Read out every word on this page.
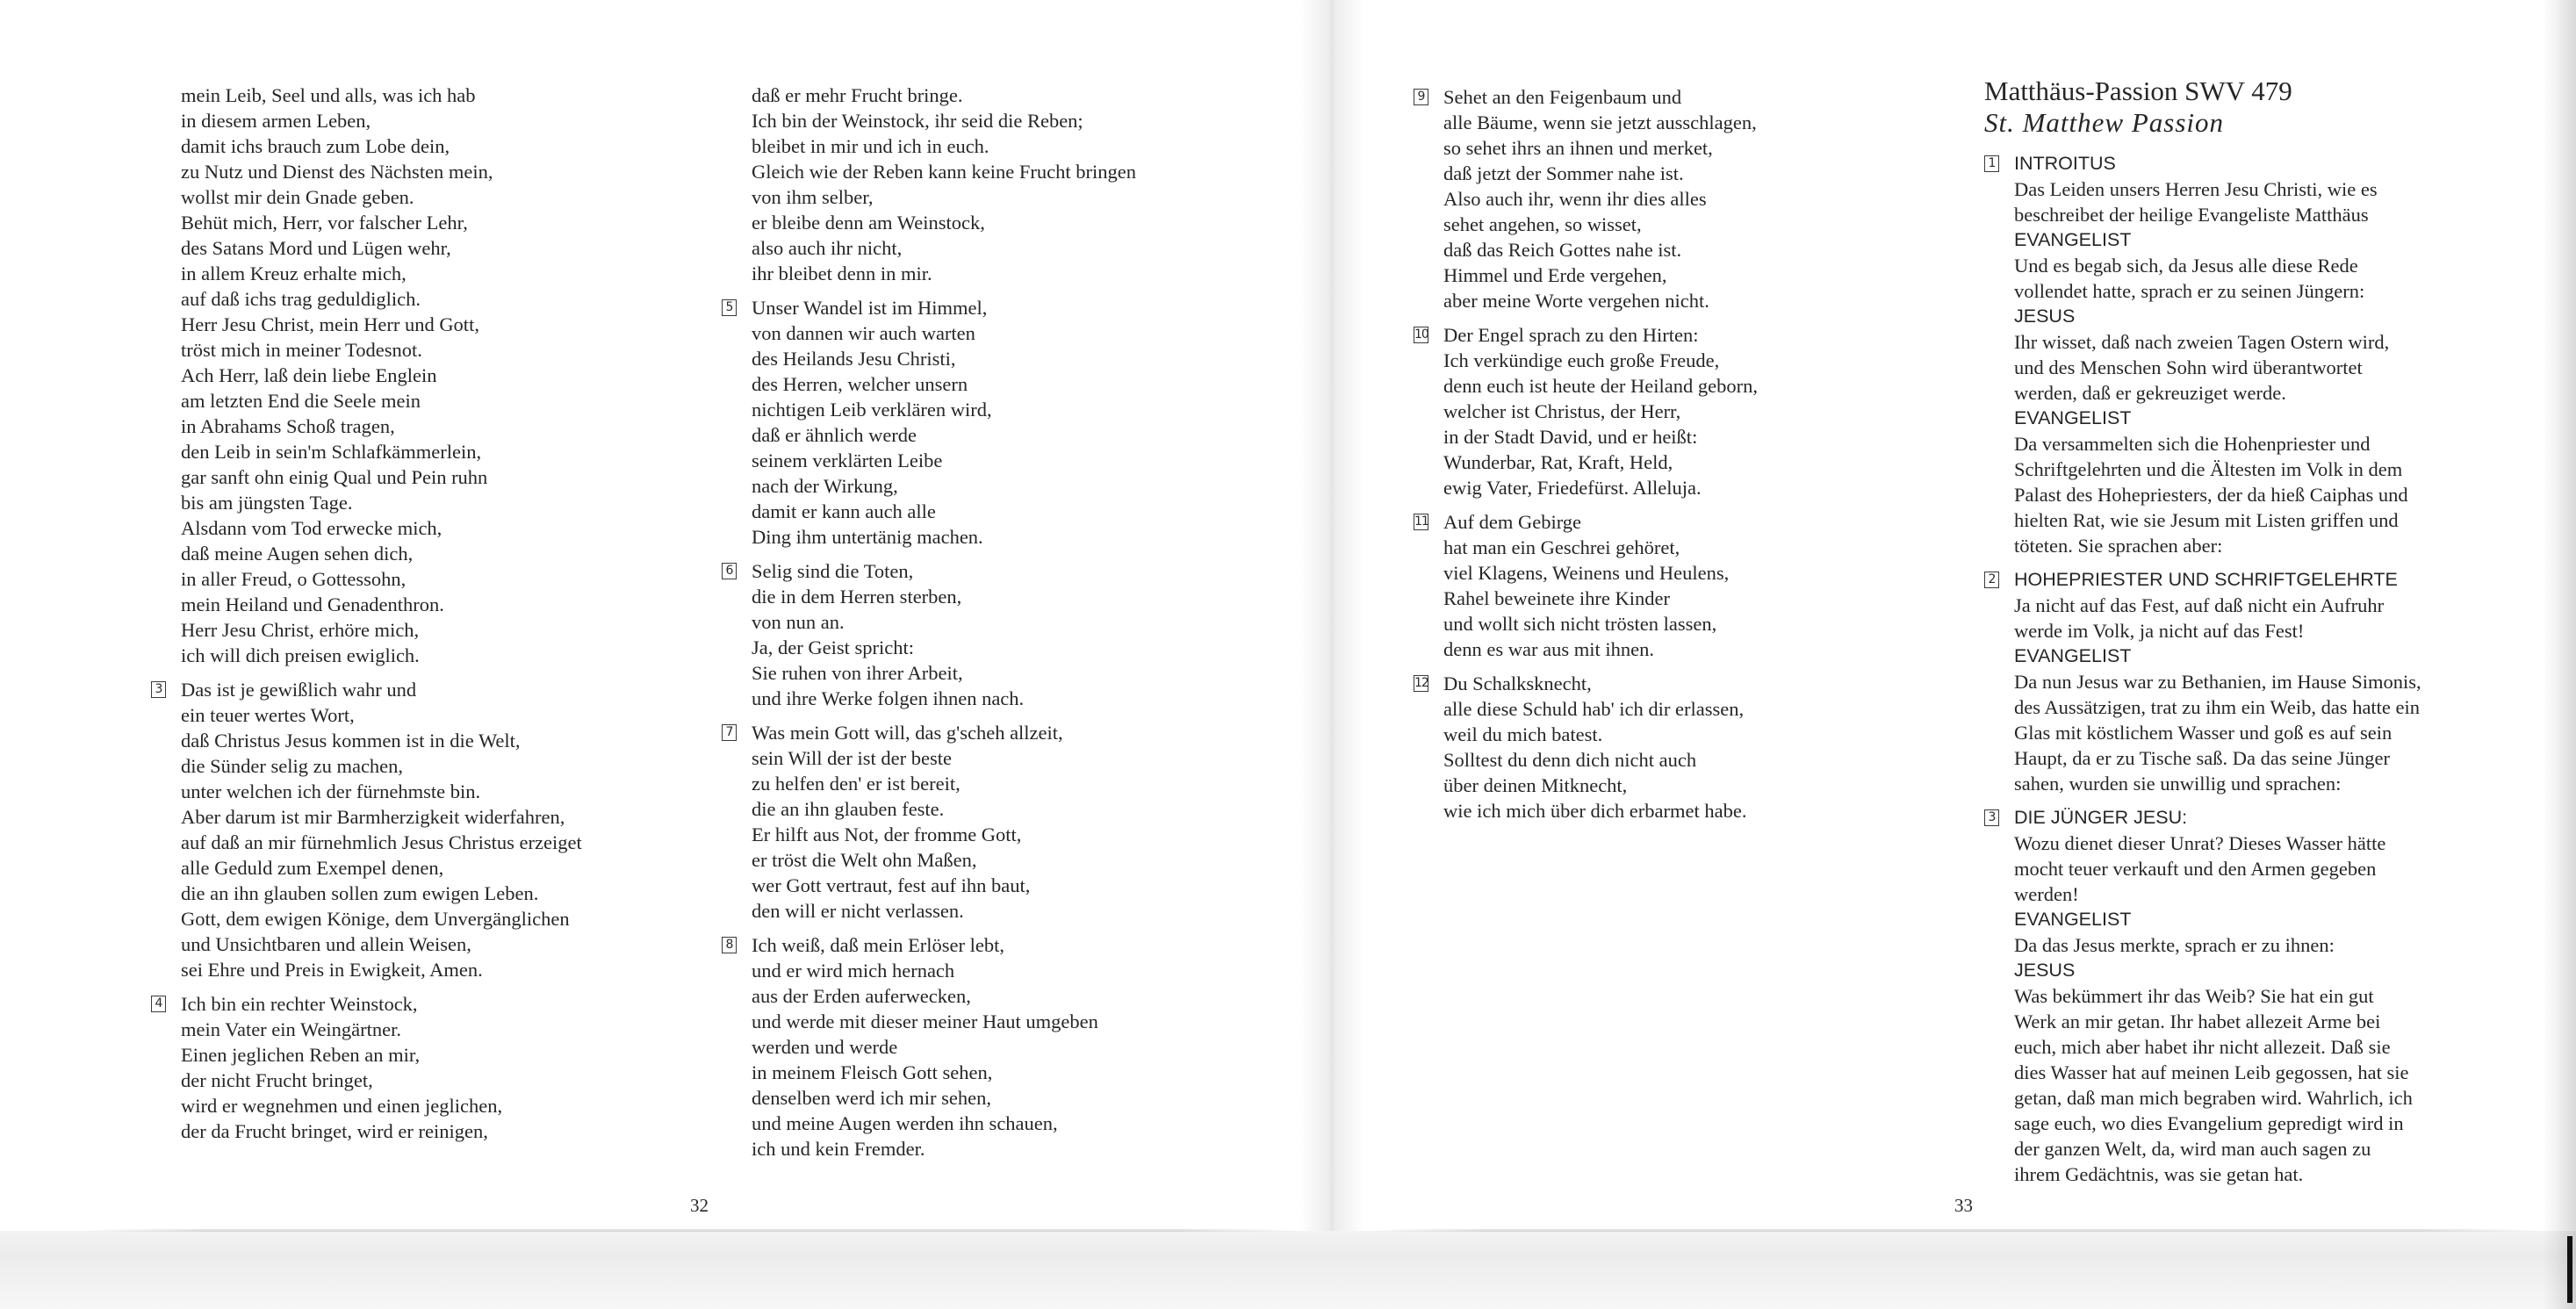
mein Leib, Seel und alls, was ich hab
in diesem armen Leben,
damit ichs brauch zum Lobe dein,
zu Nutz und Dienst des Nächsten mein,
wollst mir dein Gnade geben.
Behüt mich, Herr, vor falscher Lehr,
des Satans Mord und Lügen wehr,
in allem Kreuz erhalte mich,
auf daß ichs trag geduldiglich.
Herr Jesu Christ, mein Herr und Gott,
tröst mich in meiner Todesnot.
Ach Herr, laß dein liebe Englein
am letzten End die Seele mein
in Abrahams Schoß tragen,
den Leib in sein'm Schlafkämmerlein,
gar sanft ohn einig Qual und Pein ruhn
bis am jüngsten Tage.
Alsdann vom Tod erwecke mich,
daß meine Augen sehen dich,
in aller Freud, o Gottessohn,
mein Heiland und Genadenthron.
Herr Jesu Christ, erhöre mich,
ich will dich preisen ewiglich.
3 Das ist je gewißlich wahr und
ein teuer wertes Wort,
daß Christus Jesus kommen ist in die Welt,
die Sünder selig zu machen,
unter welchen ich der fürnehmste bin.
Aber darum ist mir Barmherzigkeit widerfahren,
auf daß an mir fürnehmlich Jesus Christus erzeiget
alle Geduld zum Exempel denen,
die an ihn glauben sollen zum ewigen Leben.
Gott, dem ewigen Könige, dem Unvergänglichen
und Unsichtbaren und allein Weisen,
sei Ehre und Preis in Ewigkeit, Amen.
4 Ich bin ein rechter Weinstock,
mein Vater ein Weingärtner.
Einen jeglichen Reben an mir,
der nicht Frucht bringet,
wird er wegnehmen und einen jeglichen,
der da Frucht bringet, wird er reinigen,
daß er mehr Frucht bringe.
Ich bin der Weinstock, ihr seid die Reben;
bleibet in mir und ich in euch.
Gleich wie der Reben kann keine Frucht bringen
von ihm selber,
er bleibe denn am Weinstock,
also auch ihr nicht,
ihr bleibet denn in mir.
5 Unser Wandel ist im Himmel,
von dannen wir auch warten
des Heilands Jesu Christi,
des Herren, welcher unsern
nichtigen Leib verklären wird,
daß er ähnlich werde
seinem verklärten Leibe
nach der Wirkung,
damit er kann auch alle
Ding ihm untertänig machen.
6 Selig sind die Toten,
die in dem Herren sterben,
von nun an.
Ja, der Geist spricht:
Sie ruhen von ihrer Arbeit,
und ihre Werke folgen ihnen nach.
7 Was mein Gott will, das g'scheh allzeit,
sein Will der ist der beste
zu helfen den' er ist bereit,
die an ihn glauben feste.
Er hilft aus Not, der fromme Gott,
er tröst die Welt ohn Maßen,
wer Gott vertraut, fest auf ihn baut,
den will er nicht verlassen.
8 Ich weiß, daß mein Erlöser lebt,
und er wird mich hernach
aus der Erden auferwecken,
und werde mit dieser meiner Haut umgeben
werden und werde
in meinem Fleisch Gott sehen,
denselben werd ich mir sehen,
und meine Augen werden ihn schauen,
ich und kein Fremder.
9 Sehet an den Feigenbaum und
alle Bäume, wenn sie jetzt ausschlagen,
so sehet ihrs an ihnen und merket,
daß jetzt der Sommer nahe ist.
Also auch ihr, wenn ihr dies alles
sehet angehen, so wisset,
daß das Reich Gottes nahe ist.
Himmel und Erde vergehen,
aber meine Worte vergehen nicht.
10 Der Engel sprach zu den Hirten:
Ich verkündige euch große Freude,
denn euch ist heute der Heiland geborn,
welcher ist Christus, der Herr,
in der Stadt David, und er heißt:
Wunderbar, Rat, Kraft, Held,
ewig Vater, Friedefürst. Alleluja.
11 Auf dem Gebirge
hat man ein Geschrei gehöret,
viel Klagens, Weinens und Heulens,
Rahel beweinete ihre Kinder
und wollt sich nicht trösten lassen,
denn es war aus mit ihnen.
12 Du Schalksknecht,
alle diese Schuld hab' ich dir erlassen,
weil du mich batest.
Solltest du denn dich nicht auch
über deinen Mitknecht,
wie ich mich über dich erbarmet habe.
Matthäus-Passion SWV 479
St. Matthew Passion
1 INTROITUS
Das Leiden unsers Herren Jesu Christi, wie es
beschreibet der heilige Evangeliste Matthäus
EVANGELIST
Und es begab sich, da Jesus alle diese Rede
vollendet hatte, sprach er zu seinen Jüngern:
JESUS
Ihr wisset, daß nach zweien Tagen Ostern wird,
und des Menschen Sohn wird überantwortet
werden, daß er gekreuziget werde.
EVANGELIST
Da versammelten sich die Hohenpriester und
Schriftgelehrten und die Ältesten im Volk in dem
Palast des Hohepriesters, der da hieß Caiphas und
hielten Rat, wie sie Jesum mit Listen griffen und
töteten. Sie sprachen aber:
2 HOHEPRIESTER UND SCHRIFTGELEHRTE
Ja nicht auf das Fest, auf daß nicht ein Aufruhr
werde im Volk, ja nicht auf das Fest!
EVANGELIST
Da nun Jesus war zu Bethanien, im Hause Simonis,
des Aussätzigen, trat zu ihm ein Weib, das hatte ein
Glas mit köstlichem Wasser und goß es auf sein
Haupt, da er zu Tische saß. Da das seine Jünger
sahen, wurden sie unwillig und sprachen:
3 DIE JÜNGER JESU:
Wozu dienet dieser Unrat? Dieses Wasser hätte
mocht teuer verkauft und den Armen gegeben
werden!
EVANGELIST
Da das Jesus merkte, sprach er zu ihnen:
JESUS
Was bekümmert ihr das Weib? Sie hat ein gut
Werk an mir getan. Ihr habet allezeit Arme bei
euch, mich aber habet ihr nicht allezeit. Daß sie
dies Wasser hat auf meinen Leib gegossen, hat sie
getan, daß man mich begraben wird. Wahrlich, ich
sage euch, wo dies Evangelium gepredigt wird in
der ganzen Welt, da, wird man auch sagen zu
ihrem Gedächtnis, was sie getan hat.
32	33
